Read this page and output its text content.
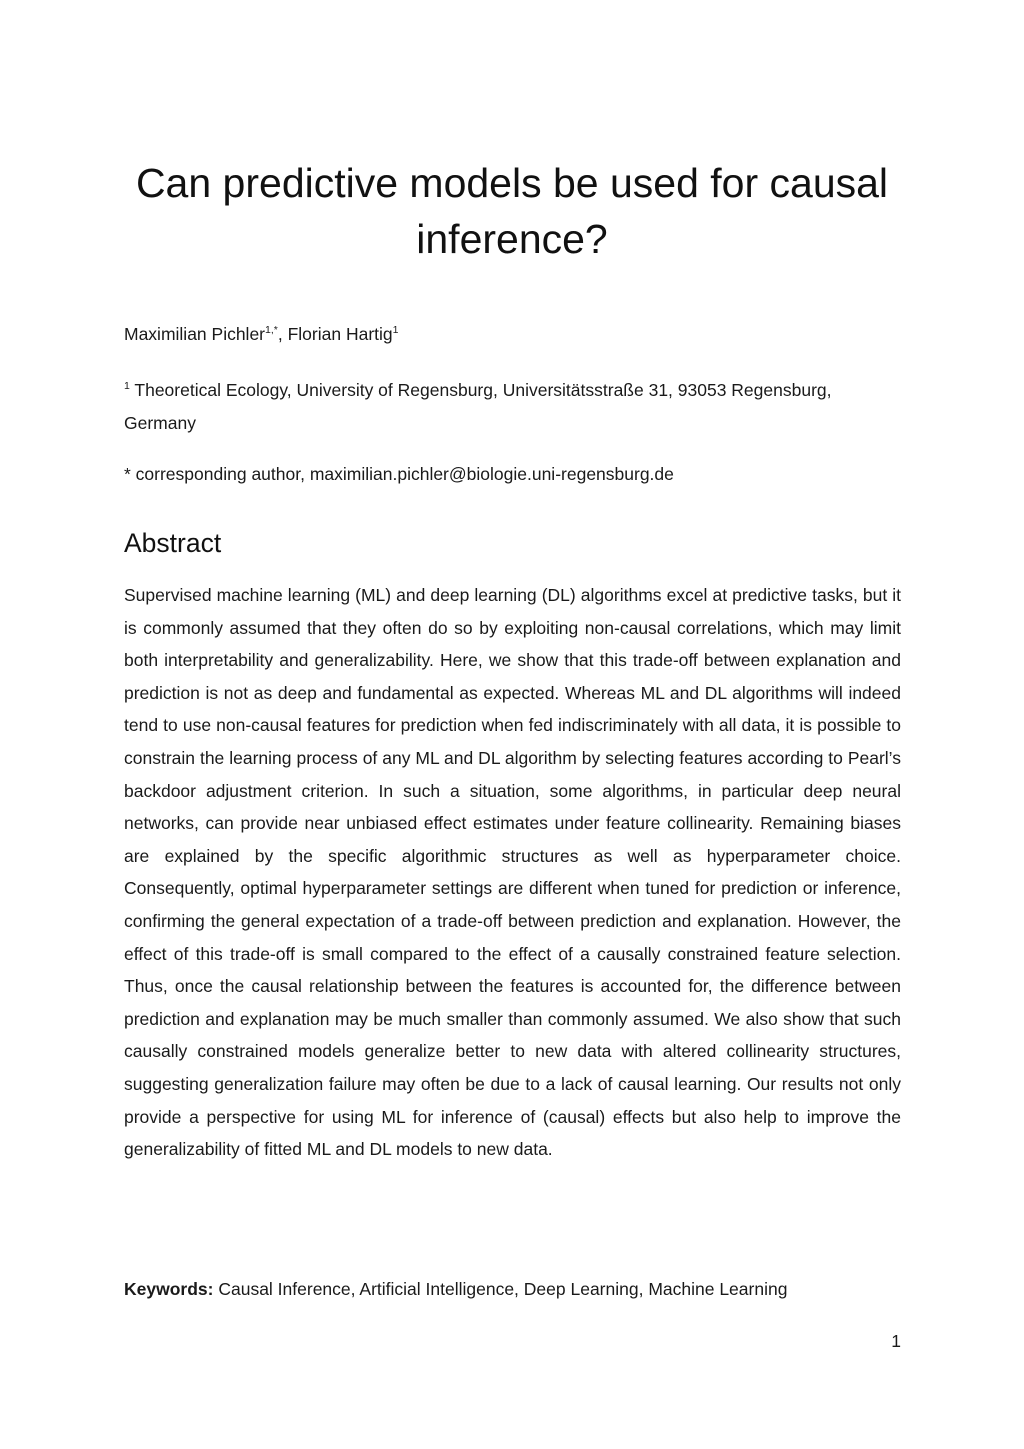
Can predictive models be used for causal inference?
Maximilian Pichler$^{1,*}$, Florian Hartig$^1$
$^1$ Theoretical Ecology, University of Regensburg, Universitätsstraße 31, 93053 Regensburg, Germany
* corresponding author, maximilian.pichler@biologie.uni-regensburg.de
Abstract

Supervised machine learning (ML) and deep learning (DL) algorithms excel at predictive tasks, but it is commonly assumed that they often do so by exploiting non-causal correlations, which may limit both interpretability and generalizability. Here, we show that this trade-off between explanation and prediction is not as deep and fundamental as expected. Whereas ML and DL algorithms will indeed tend to use non-causal features for prediction when fed indiscriminately with all data, it is possible to constrain the learning process of any ML and DL algorithm by selecting features according to Pearl’s backdoor adjustment criterion. In such a situation, some algorithms, in particular deep neural networks, can provide near unbiased effect estimates under feature collinearity. Remaining biases are explained by the specific algorithmic structures as well as hyperparameter choice. Consequently, optimal hyperparameter settings are different when tuned for prediction or inference, confirming the general expectation of a trade-off between prediction and explanation. However, the effect of this trade-off is small compared to the effect of a causally constrained feature selection. Thus, once the causal relationship between the features is accounted for, the difference between prediction and explanation may be much smaller than commonly assumed. We also show that such causally constrained models generalize better to new data with altered collinearity structures, suggesting generalization failure may often be due to a lack of causal learning. Our results not only provide a perspective for using ML for inference of (causal) effects but also help to improve the generalizability of fitted ML and DL models to new data.

Keywords: Causal Inference, Artificial Intelligence, Deep Learning, Machine Learning
1
